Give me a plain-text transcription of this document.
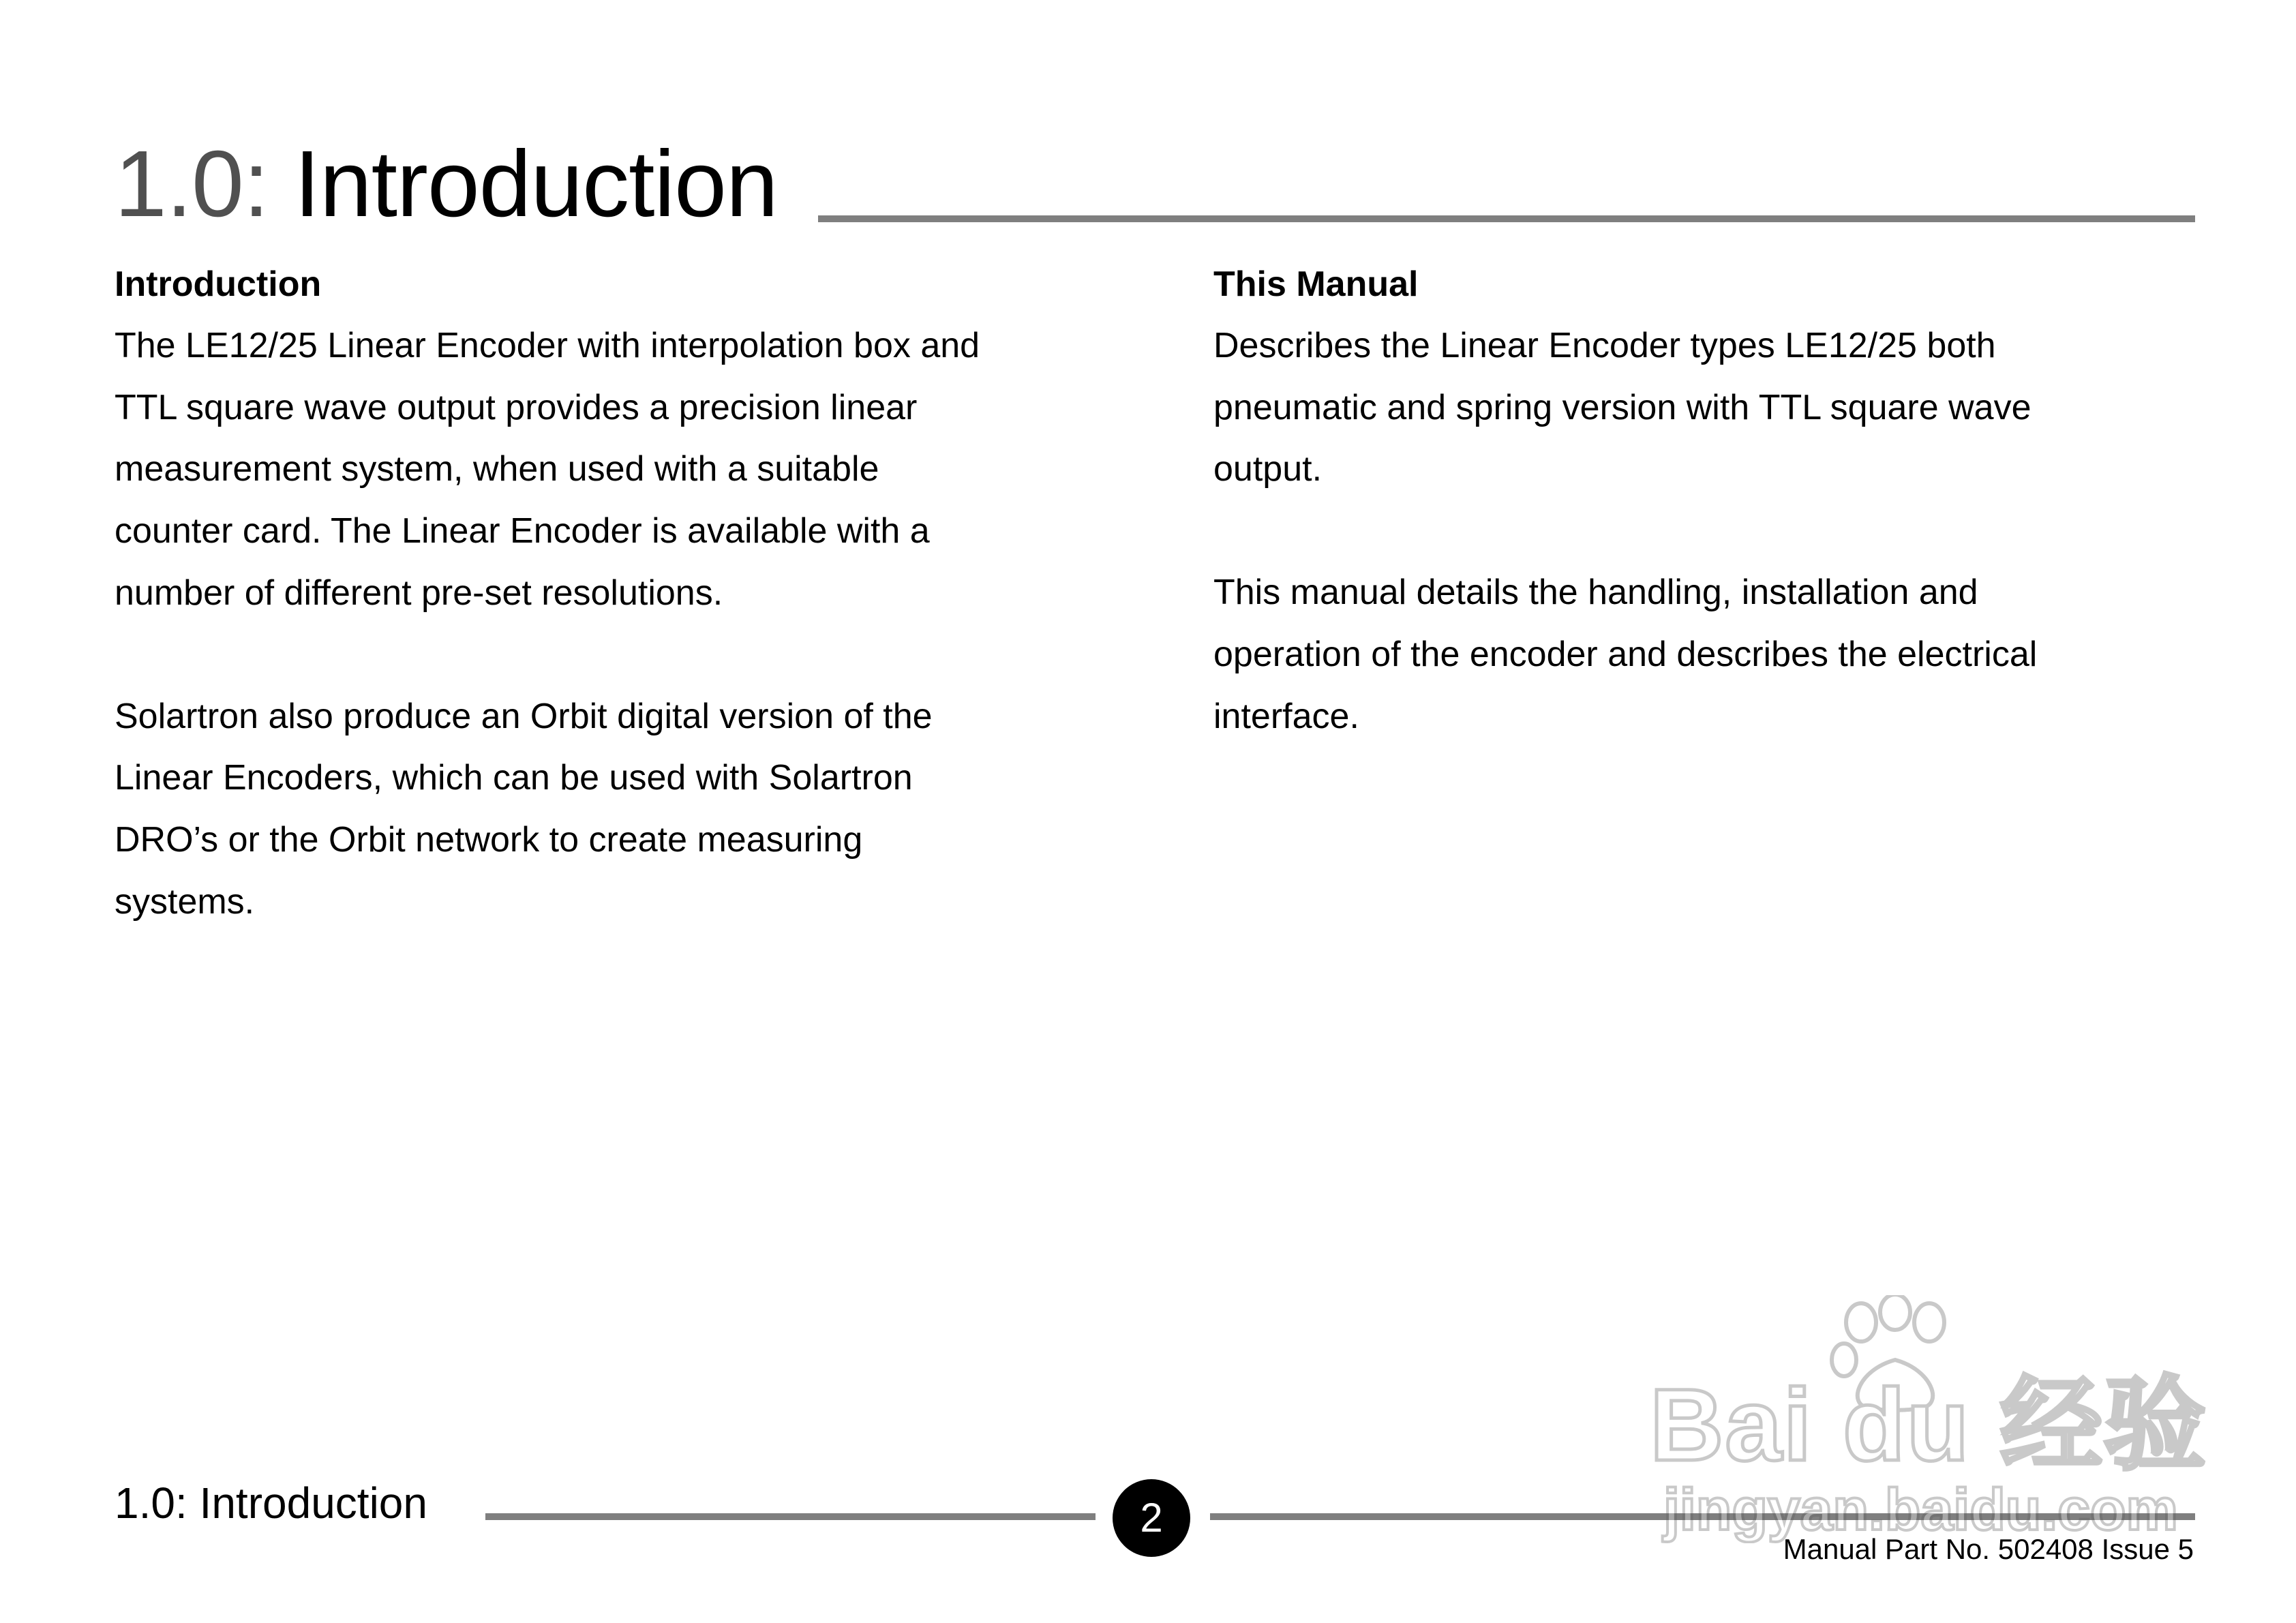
1.0: Introduction
Introduction

The LE12/25 Linear Encoder with interpolation box and
TTL square wave output provides a precision linear
measurement system, when used with a suitable
counter card. The Linear Encoder is available with a
number of different pre-set resolutions.

Solartron also produce an Orbit digital version of the
Linear Encoders, which can be used with Solartron
DRO’s or the Orbit network to create measuring
systems.

This Manual

Describes the Linear Encoder types LE12/25 both
pneumatic and spring version with TTL square wave
output.

This manual details the handling, installation and
operation of the encoder and describes the electrical
interface.

1.0: Introduction	2
Manual Part No. 502408 Issue 5
Bai du 经验
jingyan.baidu.com
